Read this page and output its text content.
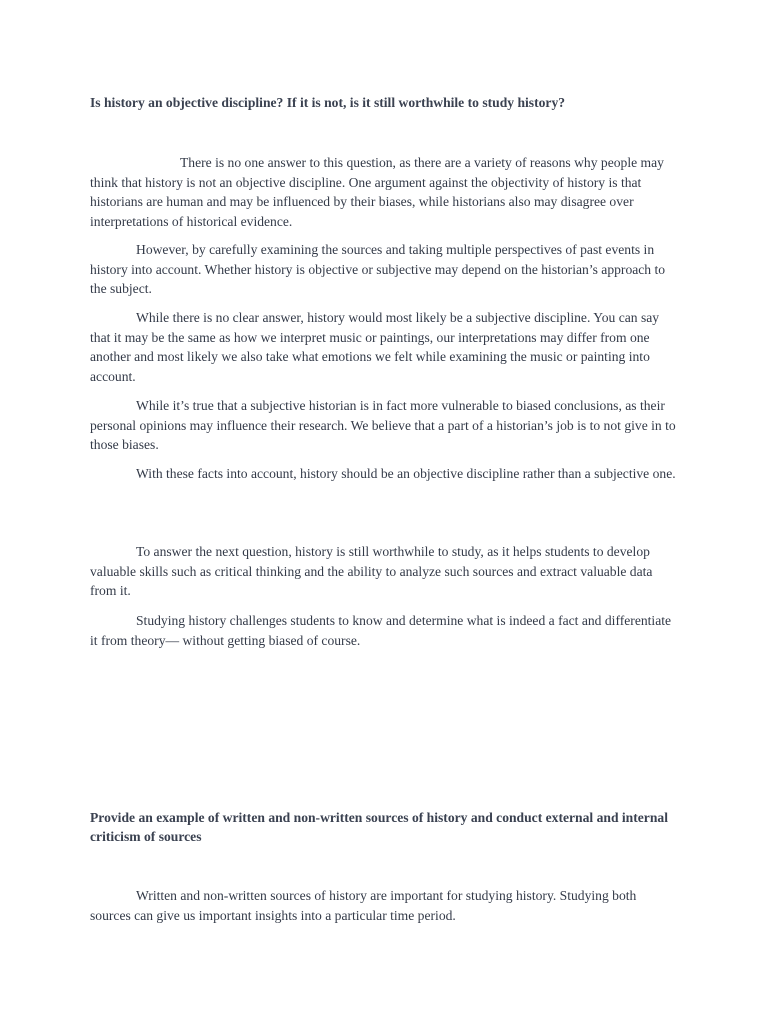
Is history an objective discipline? If it is not, is it still worthwhile to study history?

There is no one answer to this question, as there are a variety of reasons why people may think that history is not an objective discipline. One argument against the objectivity of history is that historians are human and may be influenced by their biases, while historians also may disagree over interpretations of historical evidence.

However, by carefully examining the sources and taking multiple perspectives of past events in history into account. Whether history is objective or subjective may depend on the historian’s approach to the subject.

While there is no clear answer, history would most likely be a subjective discipline. You can say that it may be the same as how we interpret music or paintings, our interpretations may differ from one another and most likely we also take what emotions we felt while examining the music or painting into account.

While it’s true that a subjective historian is in fact more vulnerable to biased conclusions, as their personal opinions may influence their research. We believe that a part of a historian’s job is to not give in to those biases.

With these facts into account, history should be an objective discipline rather than a subjective one.

To answer the next question, history is still worthwhile to study, as it helps students to develop valuable skills such as critical thinking and the ability to analyze such sources and extract valuable data from it.

Studying history challenges students to know and determine what is indeed a fact and differentiate it from theory— without getting biased of course.

Provide an example of written and non-written sources of history and conduct external and internal criticism of sources

Written and non-written sources of history are important for studying history. Studying both sources can give us important insights into a particular time period.
